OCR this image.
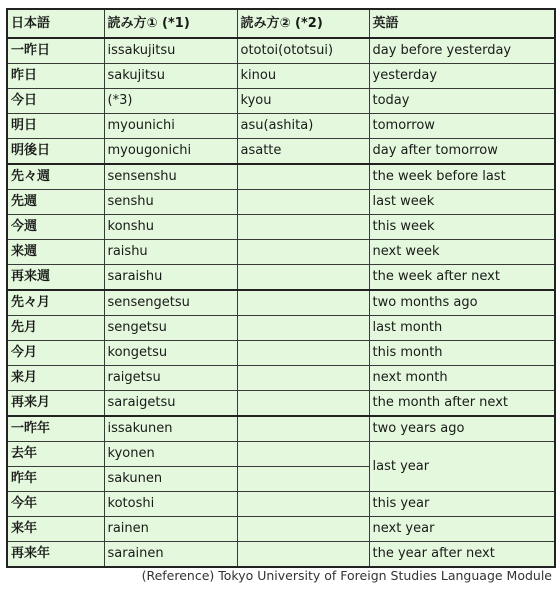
日本語	読み方① (*1)	読み方② (*2)	英語
一昨日	issakujitsu	ototoi(ototsui)	day before yesterday
昨日	sakujitsu	kinou	yesterday
今日	(*3)	kyou	today
明日	myounichi	asu(ashita)	tomorrow
明後日	myougonichi	asatte	day after tomorrow
先々週	sensenshu		the week before last
先週	senshu		last week
今週	konshu		this week
来週	raishu		next week
再来週	saraishu		the week after next
先々月	sensengetsu		two months ago
先月	sengetsu		last month
今月	kongetsu		this month
来月	raigetsu		next month
再来月	saraigetsu		the month after next
一昨年	issakunen		two years ago
去年	kyonen		last year
昨年	sakunen		
今年	kotoshi		this year
来年	rainen		next year
再来年	sarainen		the year after next
(Reference) Tokyo University of Foreign Studies Language Module
